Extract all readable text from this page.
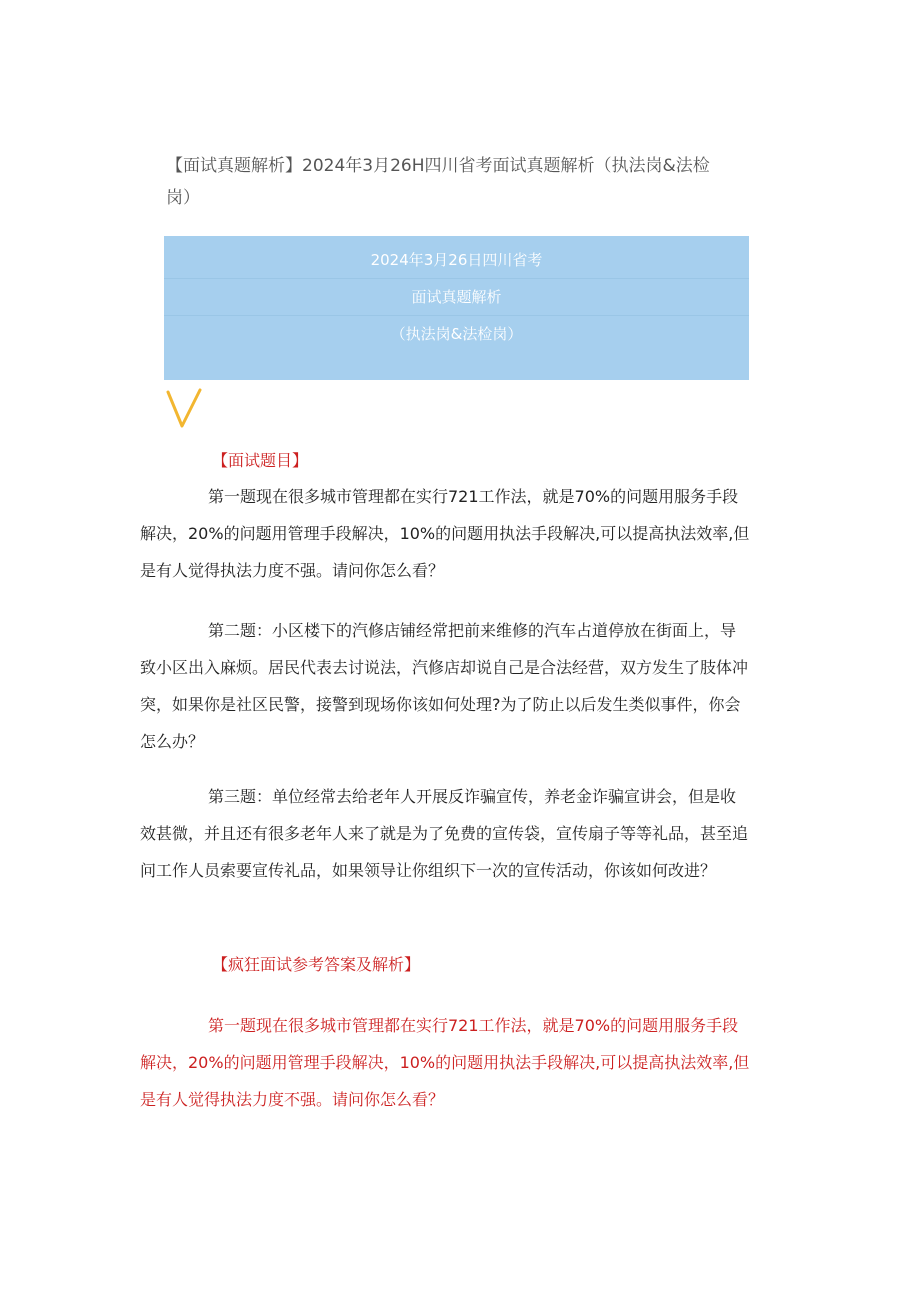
【面试真题解析】2024年3月26H四川省考面试真题解析（执法岗&法检岗）
2024年3月26日四川省考
面试真题解析
（执法岗&法检岗）
【面试题目】

第一题现在很多城市管理都在实行721工作法，就是70%的问题用服务手段解决，20%的问题用管理手段解决，10%的问题用执法手段解决,可以提高执法效率,但是有人觉得执法力度不强。请问你怎么看？

第二题：小区楼下的汽修店铺经常把前来维修的汽车占道停放在街面上，导致小区出入麻烦。居民代表去讨说法，汽修店却说自己是合法经营，双方发生了肢体冲突，如果你是社区民警，接警到现场你该如何处理?为了防止以后发生类似事件，你会怎么办？

第三题：单位经常去给老年人开展反诈骗宣传，养老金诈骗宣讲会，但是收效甚微，并且还有很多老年人来了就是为了免费的宣传袋，宣传扇子等等礼品，甚至追问工作人员索要宣传礼品，如果领导让你组织下一次的宣传活动，你该如何改进？

【疯狂面试参考答案及解析】

第一题现在很多城市管理都在实行721工作法，就是70%的问题用服务手段解决，20%的问题用管理手段解决，10%的问题用执法手段解决,可以提高执法效率,但是有人觉得执法力度不强。请问你怎么看？
